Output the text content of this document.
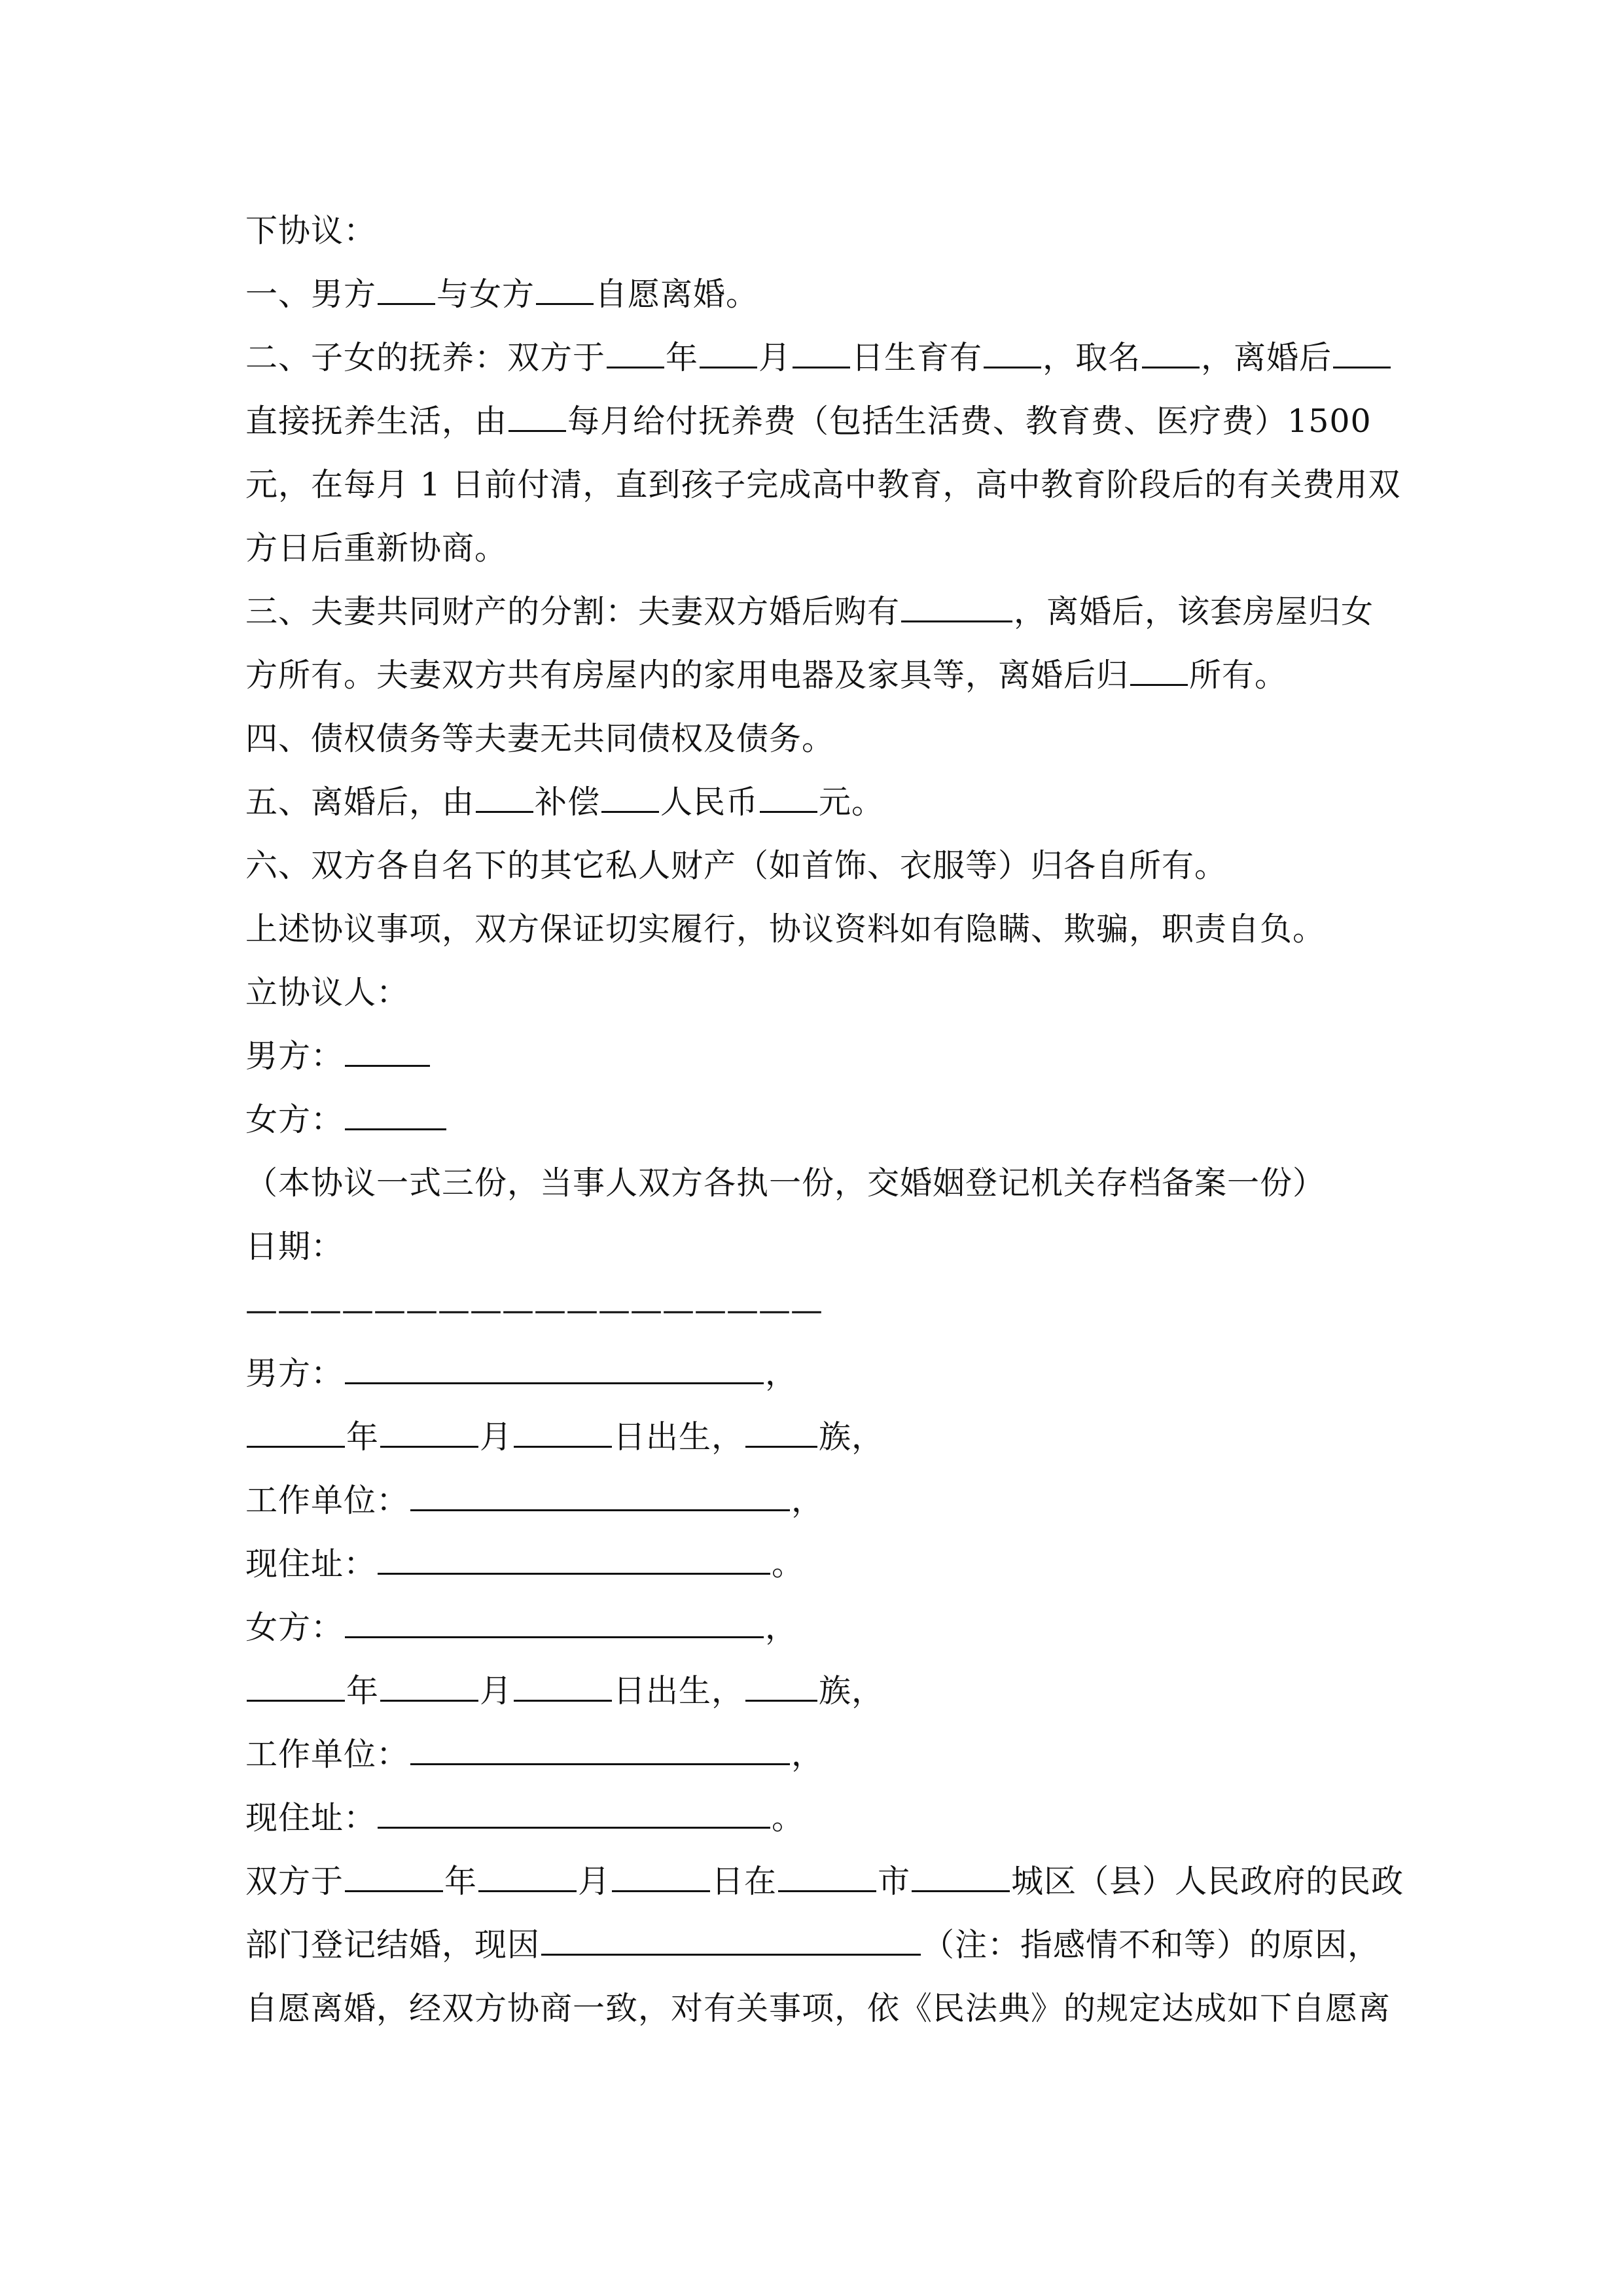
下协议：
一、男方 与女方 自愿离婚。
二、子女的抚养：双方于 年 月 日生育有 ，取名 ，离婚后
直接抚养生活，由 每月给付抚养费（包括生活费、教育费、医疗费）1500
元，在每月 1 日前付清，直到孩子完成高中教育，高中教育阶段后的有关费用双
方日后重新协商。
三、夫妻共同财产的分割：夫妻双方婚后购有	，离婚后，该套房屋归女
方所有。夫妻双方共有房屋内的家用电器及家具等，离婚后归 所有。
四、债权债务等夫妻无共同债权及债务。
五、离婚后，由 补偿 人民币 元。
六、双方各自名下的其它私人财产（如首饰、衣服等）归各自所有。
上述协议事项，双方保证切实履行，协议资料如有隐瞒、欺骗，职责自负。
立协议人：
男方：
女方：
（本协议一式三份，当事人双方各执一份，交婚姻登记机关存档备案一份）
日期：
——————————————————
男方：	，
年	月	日出生， 族，
工作单位：	，
现住址：	。
女方：	，
年	月	日出生， 族，
工作单位：	，
现住址：	。
双方于	年	月	日在	市	城区（县）人民政府的民政
部门登记结婚，现因	（注：指感情不和等）的原因，
自愿离婚，经双方协商一致，对有关事项，依《民法典》的规定达成如下自愿离
